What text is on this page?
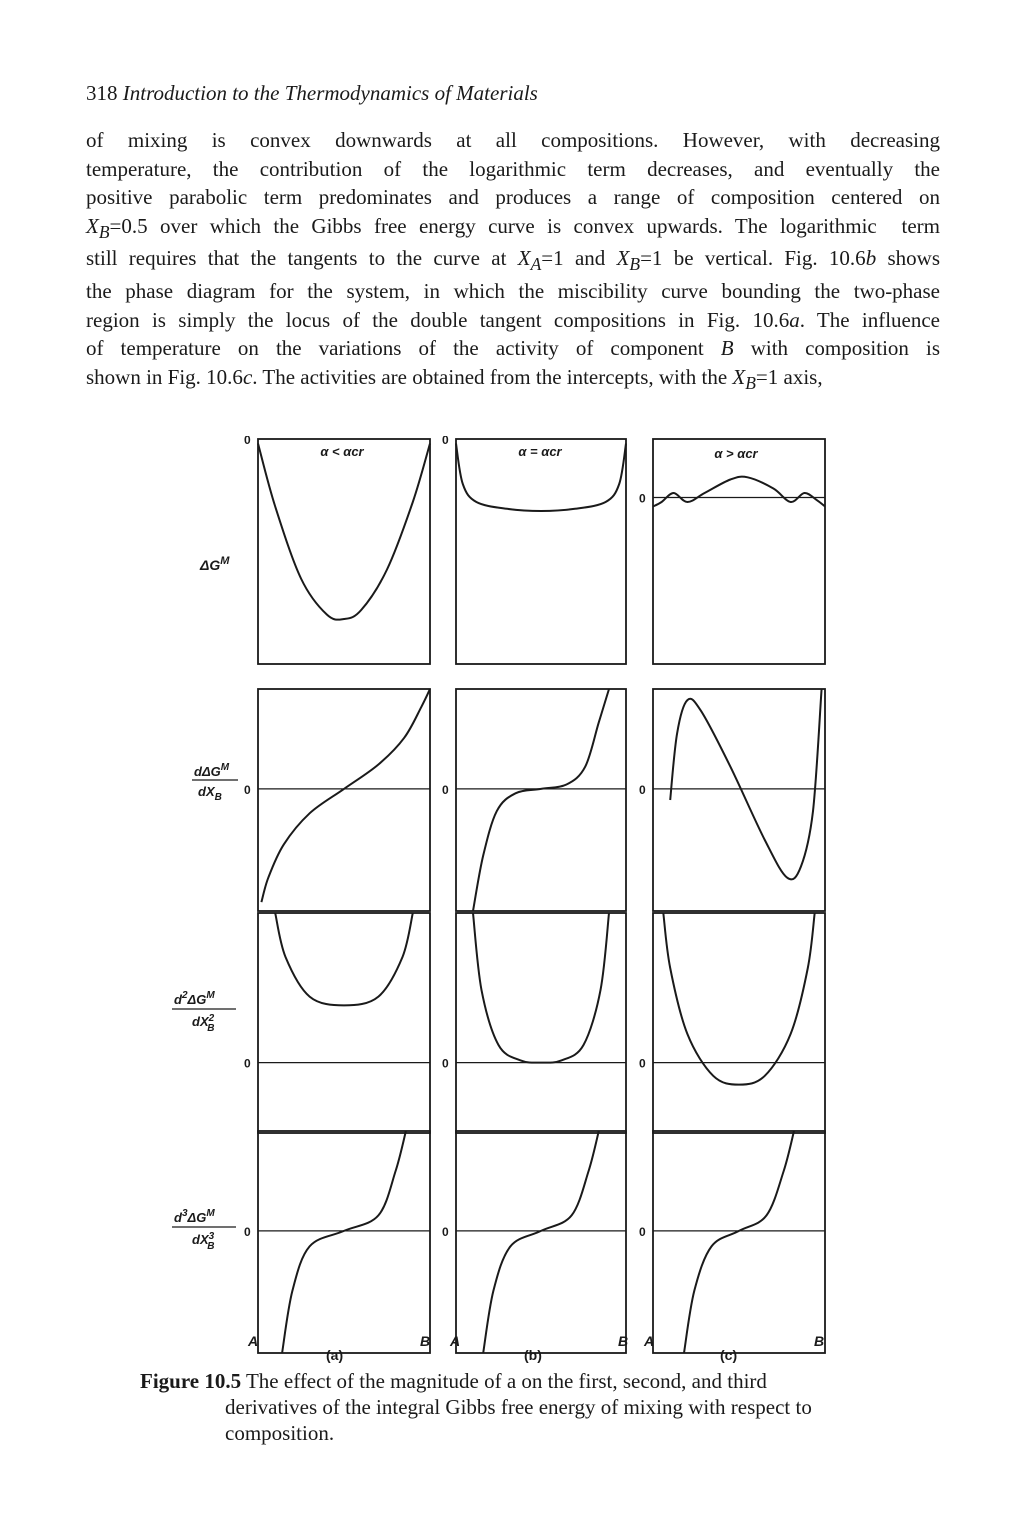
318 Introduction to the Thermodynamics of Materials
of mixing is convex downwards at all compositions. However, with decreasing
temperature, the contribution of the logarithmic term decreases, and eventually the
positive parabolic term predominates and produces a range of composition centered on
$X_B=0.5$ over which the Gibbs free energy curve is convex upwards. The logarithmic  term
still requires that the tangents to the curve at $X_A=1$ and $X_B=1$ be vertical. Fig. 10.6b shows
the phase diagram for the system, in which the miscibility curve bounding the two-phase
region is simply the locus of the double tangent compositions in Fig. 10.6a. The influence
of temperature on the variations of the activity of component B with composition is
shown in Fig. 10.6c. The activities are obtained from the intercepts, with the $X_B=1$ axis,
α < αcr	α = αcr	α > αcr
$\Delta G^M$
dΔG$^M$
$dX_B$
$d^2\Delta G^M$
$dX^2$ B
$d^3\Delta G^M$
$dX^3$ B
0	0
0
0	0	0
0	0	0
0	0	0
A	B
(a)
A	B
(b)
A	B
(c)
Figure 10.5 The effect of the magnitude of a on the first, second, and third
derivatives of the integral Gibbs free energy of mixing with respect to
composition.
